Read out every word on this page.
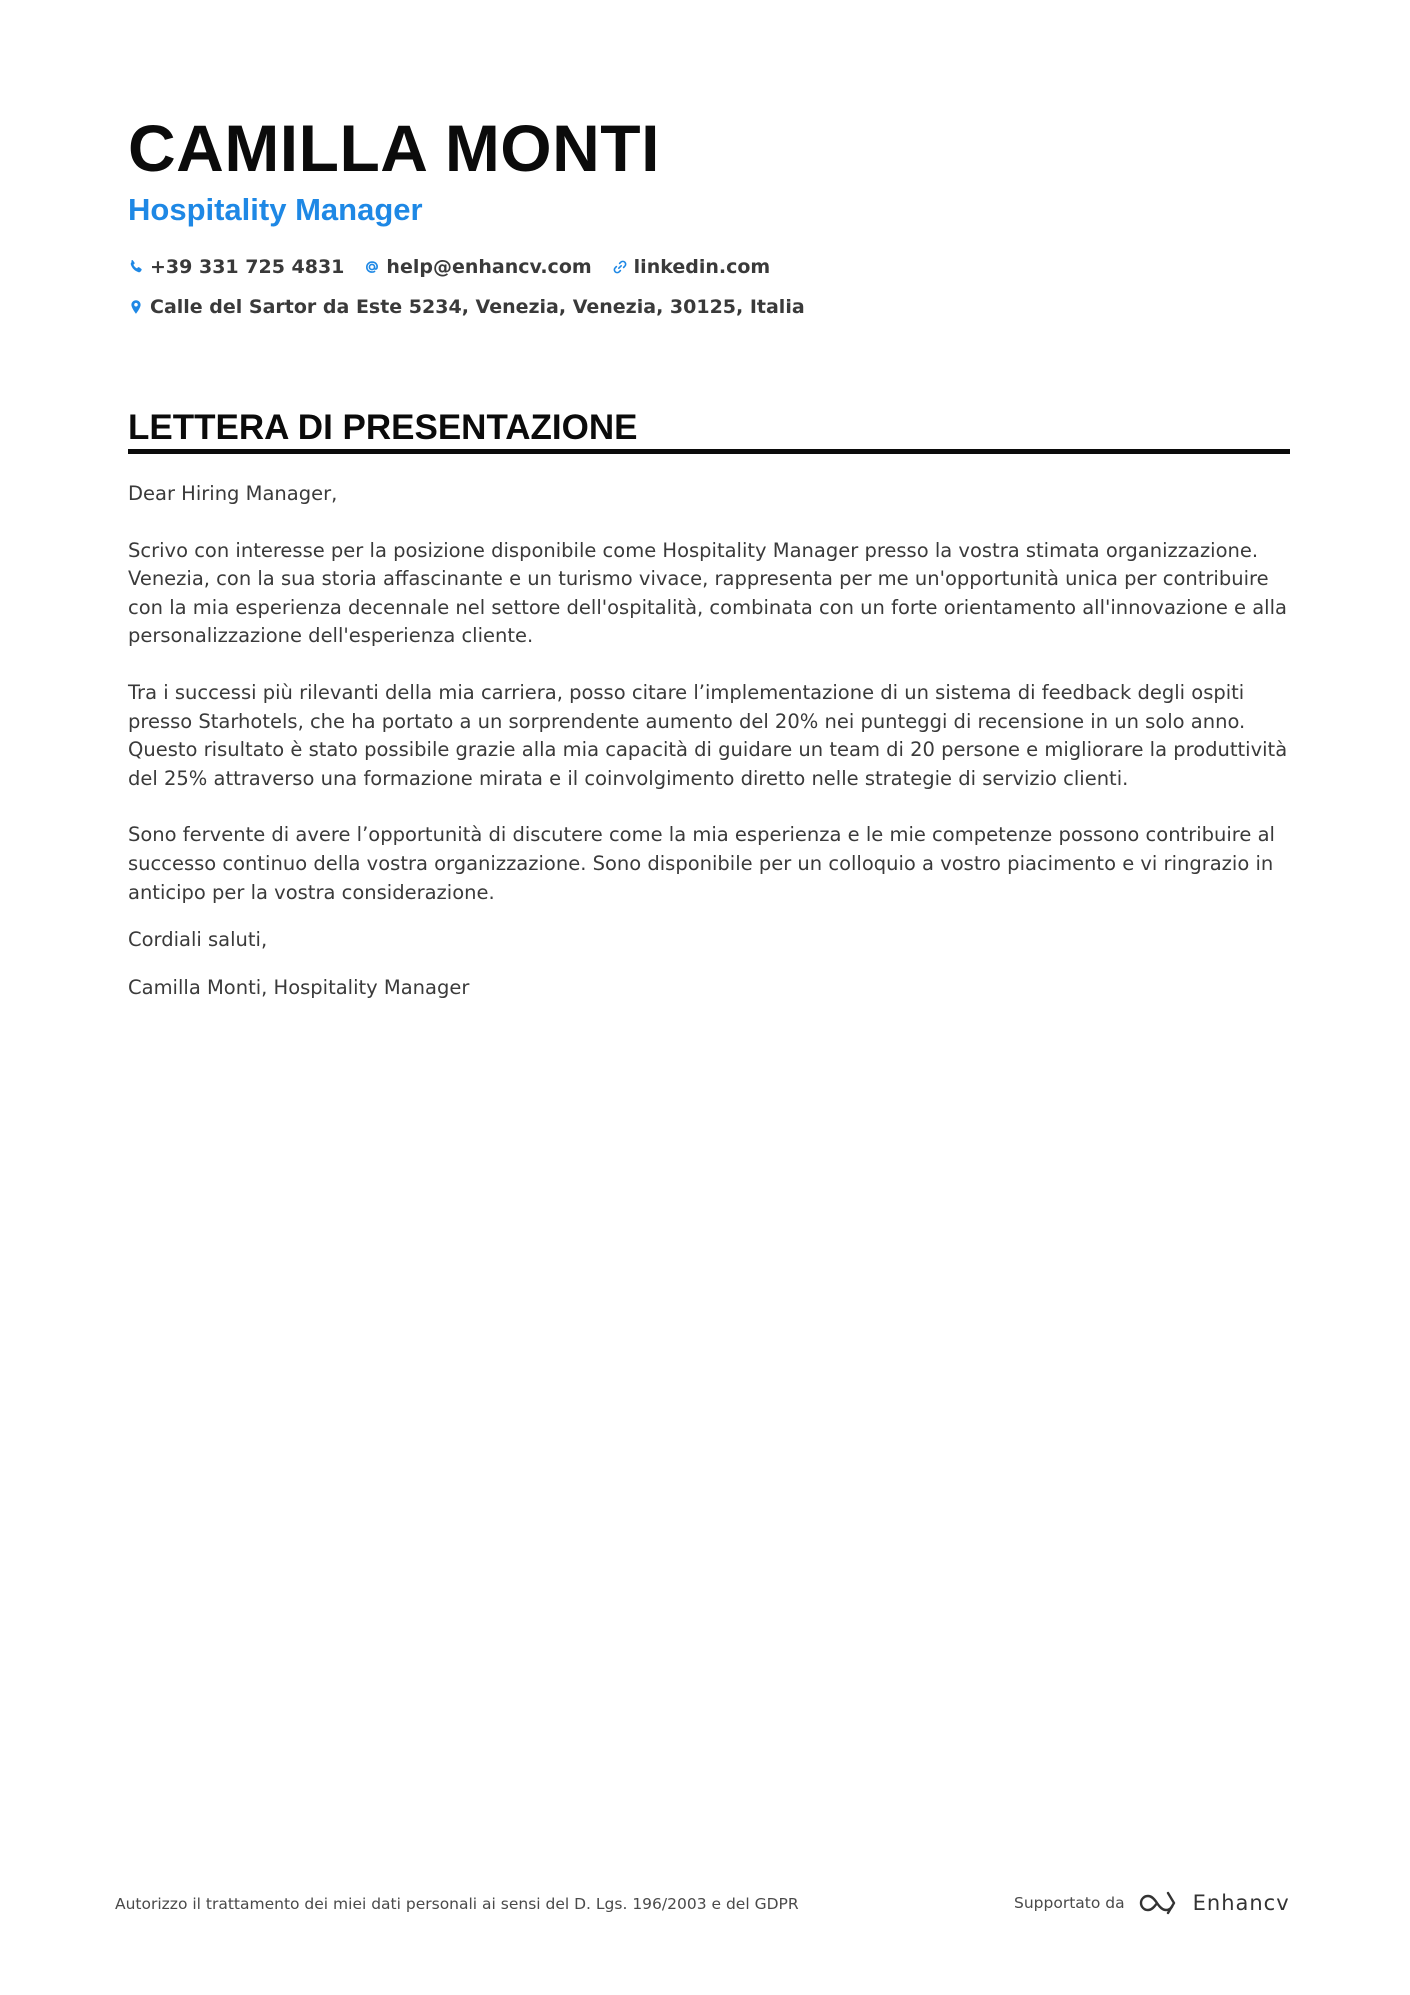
CAMILLA MONTI
Hospitality Manager
+39 331 725 4831 help@enhancv.com linkedin.com
Calle del Sartor da Este 5234, Venezia, Venezia, 30125, Italia
LETTERA DI PRESENTAZIONE

Dear Hiring Manager,

Scrivo con interesse per la posizione disponibile come Hospitality Manager presso la vostra stimata organizzazione. Venezia, con la sua storia affascinante e un turismo vivace, rappresenta per me un'opportunità unica per contribuire con la mia esperienza decennale nel settore dell'ospitalità, combinata con un forte orientamento all'innovazione e alla personalizzazione dell'esperienza cliente.

Tra i successi più rilevanti della mia carriera, posso citare l’implementazione di un sistema di feedback degli ospiti presso Starhotels, che ha portato a un sorprendente aumento del 20% nei punteggi di recensione in un solo anno. Questo risultato è stato possibile grazie alla mia capacità di guidare un team di 20 persone e migliorare la produttività del 25% attraverso una formazione mirata e il coinvolgimento diretto nelle strategie di servizio clienti.

Sono fervente di avere l’opportunità di discutere come la mia esperienza e le mie competenze possono contribuire al successo continuo della vostra organizzazione. Sono disponibile per un colloquio a vostro piacimento e vi ringrazio in anticipo per la vostra considerazione.

Cordiali saluti,

Camilla Monti, Hospitality Manager

Autorizzo il trattamento dei miei dati personali ai sensi del D. Lgs. 196/2003 e del GDPR	Supportato da	Enhancv
